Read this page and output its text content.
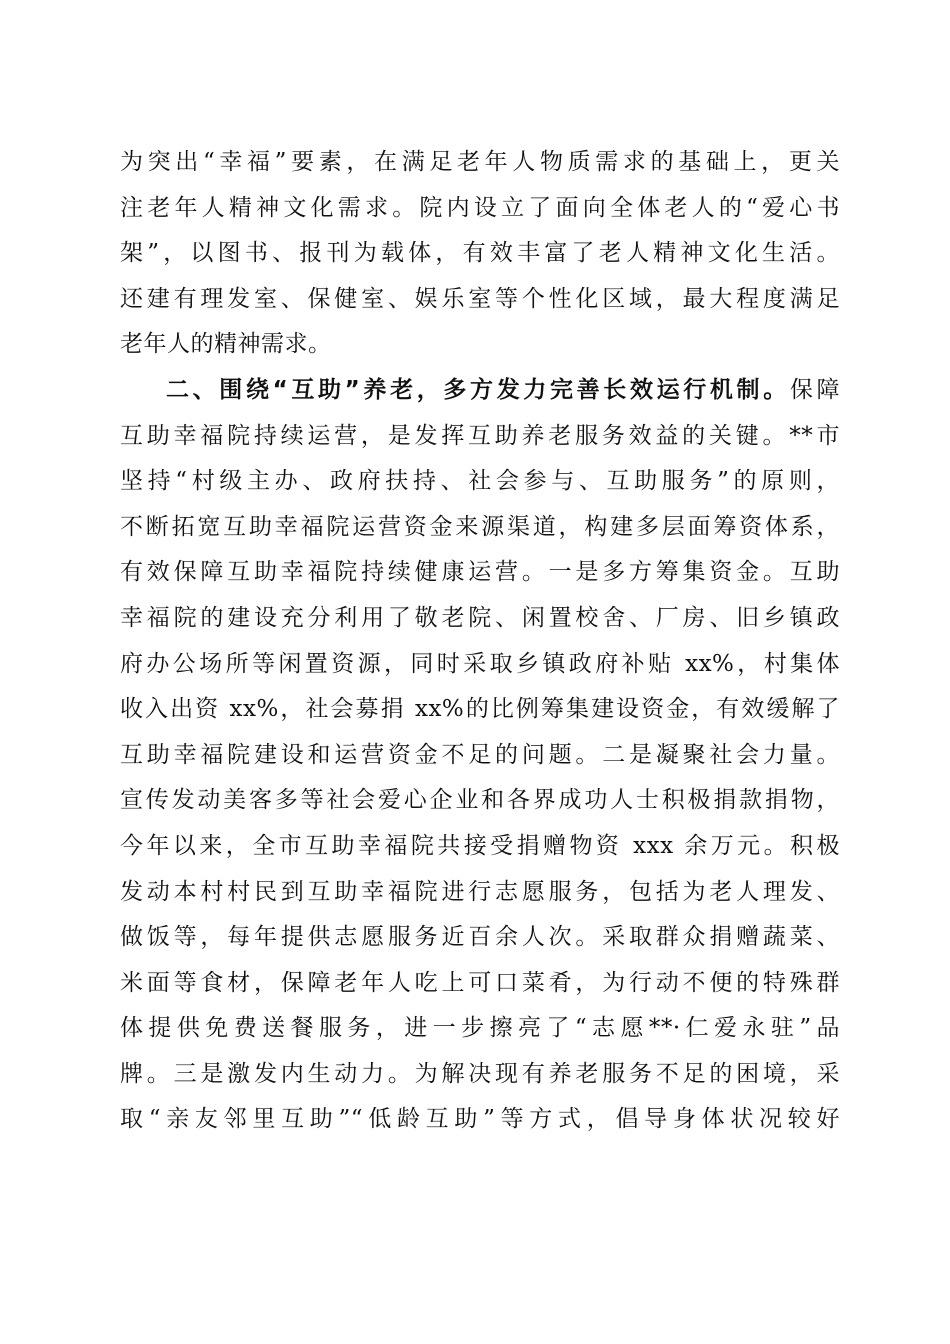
为突出“幸福”要素，在满足老年人物质需求的基础上，更关
注老年人精神文化需求。院内设立了面向全体老人的“爱心书
架”，以图书、报刊为载体，有效丰富了老人精神文化生活。
还建有理发室、保健室、娱乐室等个性化区域，最大程度满足
老年人的精神需求。
二、围绕“互助”养老，多方发力完善长效运行机制。保障
互助幸福院持续运营，是发挥互助养老服务效益的关键。**市
坚持“村级主办、政府扶持、社会参与、互助服务”的原则，
不断拓宽互助幸福院运营资金来源渠道，构建多层面筹资体系，
有效保障互助幸福院持续健康运营。一是多方筹集资金。互助
幸福院的建设充分利用了敬老院、闲置校舍、厂房、旧乡镇政
府办公场所等闲置资源，同时采取乡镇政府补贴 xx%，村集体
收入出资 xx%，社会募捐 xx%的比例筹集建设资金，有效缓解了
互助幸福院建设和运营资金不足的问题。二是凝聚社会力量。
宣传发动美客多等社会爱心企业和各界成功人士积极捐款捐物，
今年以来，全市互助幸福院共接受捐赠物资 xxx 余万元。积极
发动本村村民到互助幸福院进行志愿服务，包括为老人理发、
做饭等，每年提供志愿服务近百余人次。采取群众捐赠蔬菜、
米面等食材，保障老年人吃上可口菜肴，为行动不便的特殊群
体提供免费送餐服务，进一步擦亮了“志愿**·仁爱永驻”品
牌。三是激发内生动力。为解决现有养老服务不足的困境，采
取“亲友邻里互助”“低龄互助”等方式，倡导身体状况较好
